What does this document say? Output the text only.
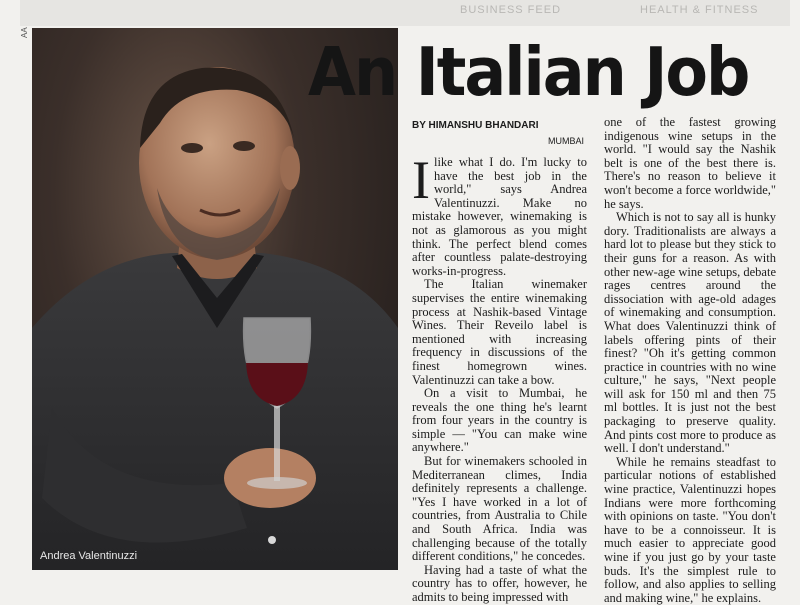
BUSINESS FEED	HEALTH & FITNESS
AA
Andrea Valentinuzzi
An Italian Job
BY HIMANSHU BHANDARI
MUMBAI

Ilike what I do. I'm lucky to have the best job in the world," says Andrea Valentinuzzi. Make no mistake however, winemaking is not as glamorous as you might think. The perfect blend comes after countless palate-destroying works-in-progress.

The Italian winemaker supervises the entire winemaking process at Nashik-based Vintage Wines. Their Reveilo label is mentioned with increasing frequency in discussions of the finest homegrown wines. Valentinuzzi can take a bow.

On a visit to Mumbai, he reveals the one thing he's learnt from four years in the country is simple — "You can make wine anywhere."

But for winemakers schooled in Mediterranean climes, India definitely represents a challenge. "Yes I have worked in a lot of countries, from Australia to Chile and South Africa. India was challenging because of the totally different conditions," he concedes.

Having had a taste of what the country has to offer, however, he admits to being impressed with

one of the fastest growing indigenous wine setups in the world. "I would say the Nashik belt is one of the best there is. There's no reason to believe it won't become a force worldwide," he says.

Which is not to say all is hunky dory. Traditionalists are always a hard lot to please but they stick to their guns for a reason. As with other new-age wine setups, debate rages centres around the dissociation with age-old adages of winemaking and consumption. What does Valentinuzzi think of labels offering pints of their finest? "Oh it's getting common practice in countries with no wine culture," he says, "Next people will ask for 150 ml and then 75 ml bottles. It is just not the best packaging to preserve quality. And pints cost more to produce as well. I don't understand."

While he remains steadfast to particular notions of established wine practice, Valentinuzzi hopes Indians were more forthcoming with opinions on taste. "You don't have to be a connoisseur. It is much easier to appreciate good wine if you just go by your taste buds. It's the simplest rule to follow, and also applies to selling and making wine," he explains.
